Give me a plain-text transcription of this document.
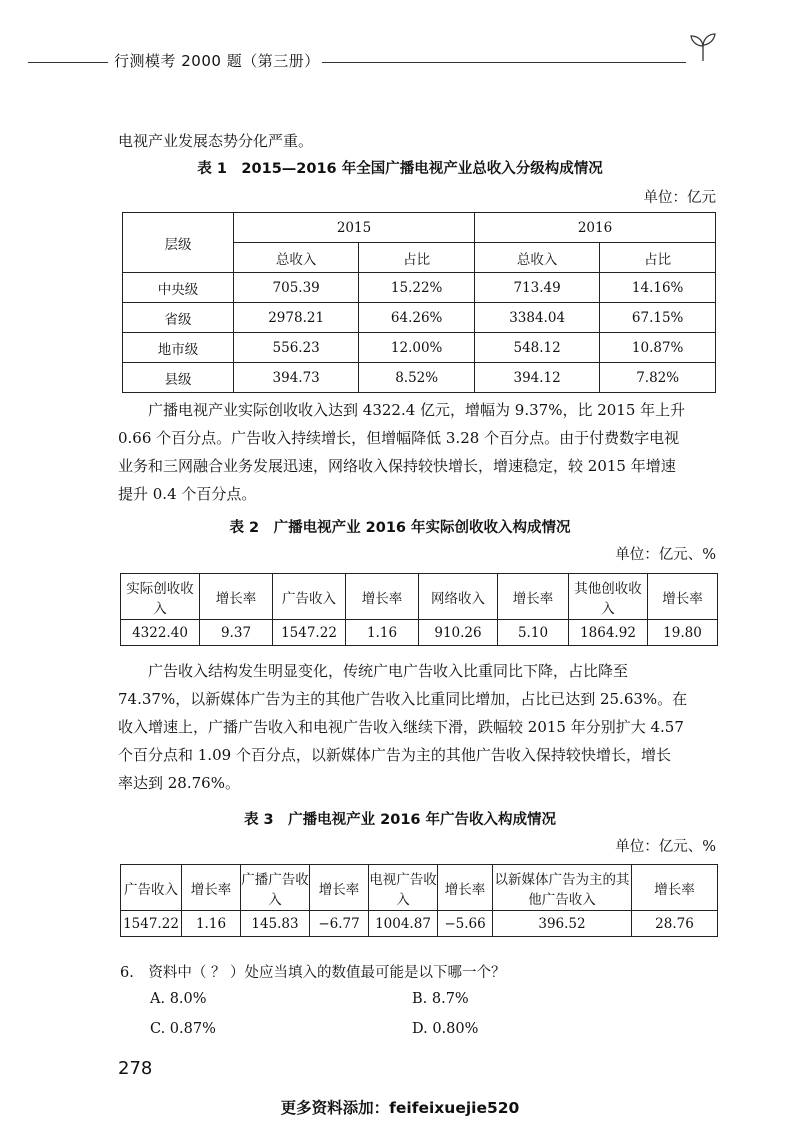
行测模考 2000 题（第三册）
电视产业发展态势分化严重。
表 1　2015—2016 年全国广播电视产业总收入分级构成情况
单位：亿元
层级	2015		2016	
	总收入	占比	总收入	占比
中央级	705.39	15.22%	713.49	14.16%
省级	2978.21	64.26%	3384.04	67.15%
地市级	556.23	12.00%	548.12	10.87%
县级	394.73	8.52%	394.12	7.82%
广播电视产业实际创收收入达到 4322.4 亿元，增幅为 9.37%，比 2015 年上升
0.66 个百分点。广告收入持续增长，但增幅降低 3.28 个百分点。由于付费数字电视
业务和三网融合业务发展迅速，网络收入保持较快增长，增速稳定，较 2015 年增速
提升 0.4 个百分点。
表 2　广播电视产业 2016 年实际创收收入构成情况
单位：亿元、%
实际创收收入	增长率	广告收入	增长率	网络收入	增长率	其他创收收入	增长率
4322.40	9.37	1547.22	1.16	910.26	5.10	1864.92	19.80
广告收入结构发生明显变化，传统广电广告收入比重同比下降，占比降至
74.37%，以新媒体广告为主的其他广告收入比重同比增加，占比已达到 25.63%。在
收入增速上，广播广告收入和电视广告收入继续下滑，跌幅较 2015 年分别扩大 4.57
个百分点和 1.09 个百分点，以新媒体广告为主的其他广告收入保持较快增长，增长
率达到 28.76%。
表 3　广播电视产业 2016 年广告收入构成情况
单位：亿元、%
广告收入	增长率	广播广告收入	增长率	电视广告收入	增长率	以新媒体广告为主的其他广告收入	增长率
1547.22	1.16	145.83	−6.77	1004.87	−5.66	396.52	28.76
6.　资料中（ ？ ）处应当填入的数值最可能是以下哪一个？
A. 8.0%	B. 8.7%
C. 0.87%	D. 0.80%
278
更多资料添加：feifeixuejie520
